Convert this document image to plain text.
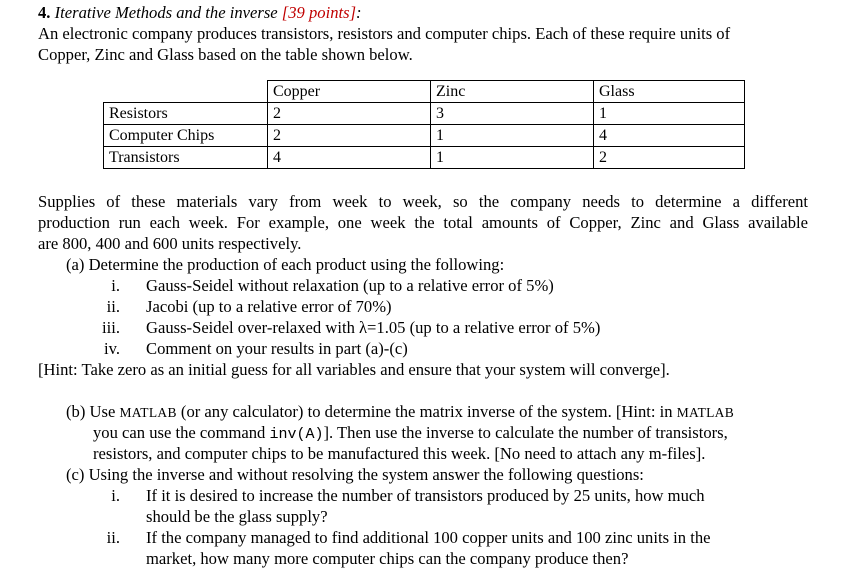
4. Iterative Methods and the inverse [39 points]:
An electronic company produces transistors, resistors and computer chips. Each of these require units of
Copper, Zinc and Glass based on the table shown below.
	Copper	Zinc	Glass
Resistors	2	3	1
Computer Chips	2	1	4
Transistors	4	1	2
Supplies of these materials vary from week to week, so the company needs to determine a different
production run each week. For example, one week the total amounts of Copper, Zinc and Glass available
are 800, 400 and 600 units respectively.
(a) Determine the production of each product using the following:
i. Gauss-Seidel without relaxation (up to a relative error of 5%)
ii. Jacobi (up to a relative error of 70%)
iii. Gauss-Seidel over-relaxed with λ=1.05 (up to a relative error of 5%)
iv. Comment on your results in part (a)-(c)
[Hint: Take zero as an initial guess for all variables and ensure that your system will converge].
(b) Use MATLAB (or any calculator) to determine the matrix inverse of the system. [Hint: in MATLAB
you can use the command inv(A)]. Then use the inverse to calculate the number of transistors,
resistors, and computer chips to be manufactured this week. [No need to attach any m-files].
(c) Using the inverse and without resolving the system answer the following questions:
i. If it is desired to increase the number of transistors produced by 25 units, how much
should be the glass supply?
ii. If the company managed to find additional 100 copper units and 100 zinc units in the
market, how many more computer chips can the company produce then?
